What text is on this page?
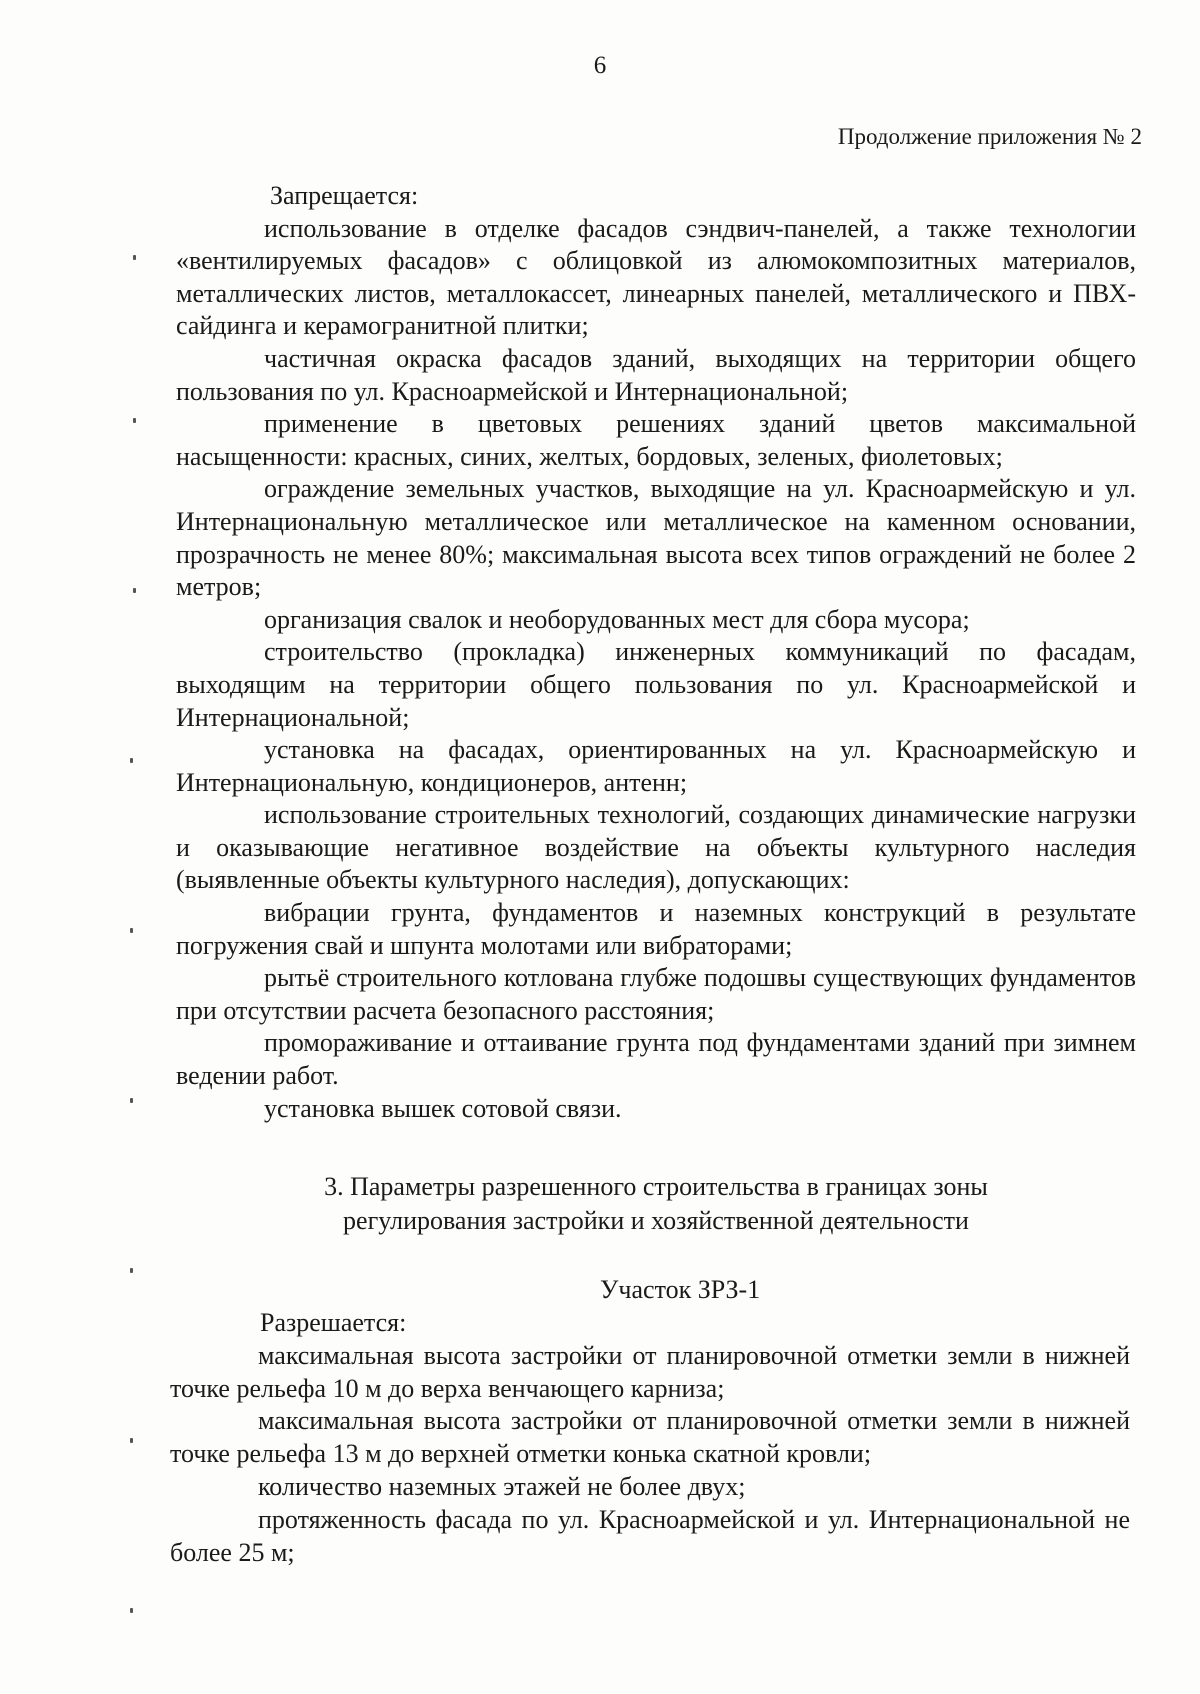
6
Продолжение приложения № 2

Запрещается:

использование в отделке фасадов сэндвич-панелей, а также технологии «вентилируемых фасадов» с облицовкой из алюмокомпозитных материалов, металлических листов, металлокассет, линеарных панелей, металлического и ПВХ-сайдинга и керамогранитной плитки;

частичная окраска фасадов зданий, выходящих на территории общего пользования по ул. Красноармейской и Интернациональной;

применение в цветовых решениях зданий цветов максимальной насыщенности: красных, синих, желтых, бордовых, зеленых, фиолетовых;

ограждение земельных участков, выходящие на ул. Красноармейскую и ул. Интернациональную металлическое или металлическое на каменном основании, прозрачность не менее 80%; максимальная высота всех типов ограждений не более 2 метров;

организация свалок и необорудованных мест для сбора мусора;

строительство (прокладка) инженерных коммуникаций по фасадам, выходящим на территории общего пользования по ул. Красноармейской и Интернациональной;

установка на фасадах, ориентированных на ул. Красноармейскую и Интернациональную, кондиционеров, антенн;

использование строительных технологий, создающих динамические нагрузки и оказывающие негативное воздействие на объекты культурного наследия (выявленные объекты культурного наследия), допускающих:

вибрации грунта, фундаментов и наземных конструкций в результате погружения свай и шпунта молотами или вибраторами;

рытьё строительного котлована глубже подошвы существующих фундаментов при отсутствии расчета безопасного расстояния;

промораживание и оттаивание грунта под фундаментами зданий при зимнем ведении работ.

установка вышек сотовой связи.

3. Параметры разрешенного строительства в границах зоны
регулирования застройки и хозяйственной деятельности
Участок ЗРЗ-1

Разрешается:

максимальная высота застройки от планировочной отметки земли в нижней точке рельефа 10 м до верха венчающего карниза;

максимальная высота застройки от планировочной отметки земли в нижней точке рельефа 13 м до верхней отметки конька скатной кровли;

количество наземных этажей не более двух;

протяженность фасада по ул. Красноармейской и ул. Интернациональной не более 25 м;
